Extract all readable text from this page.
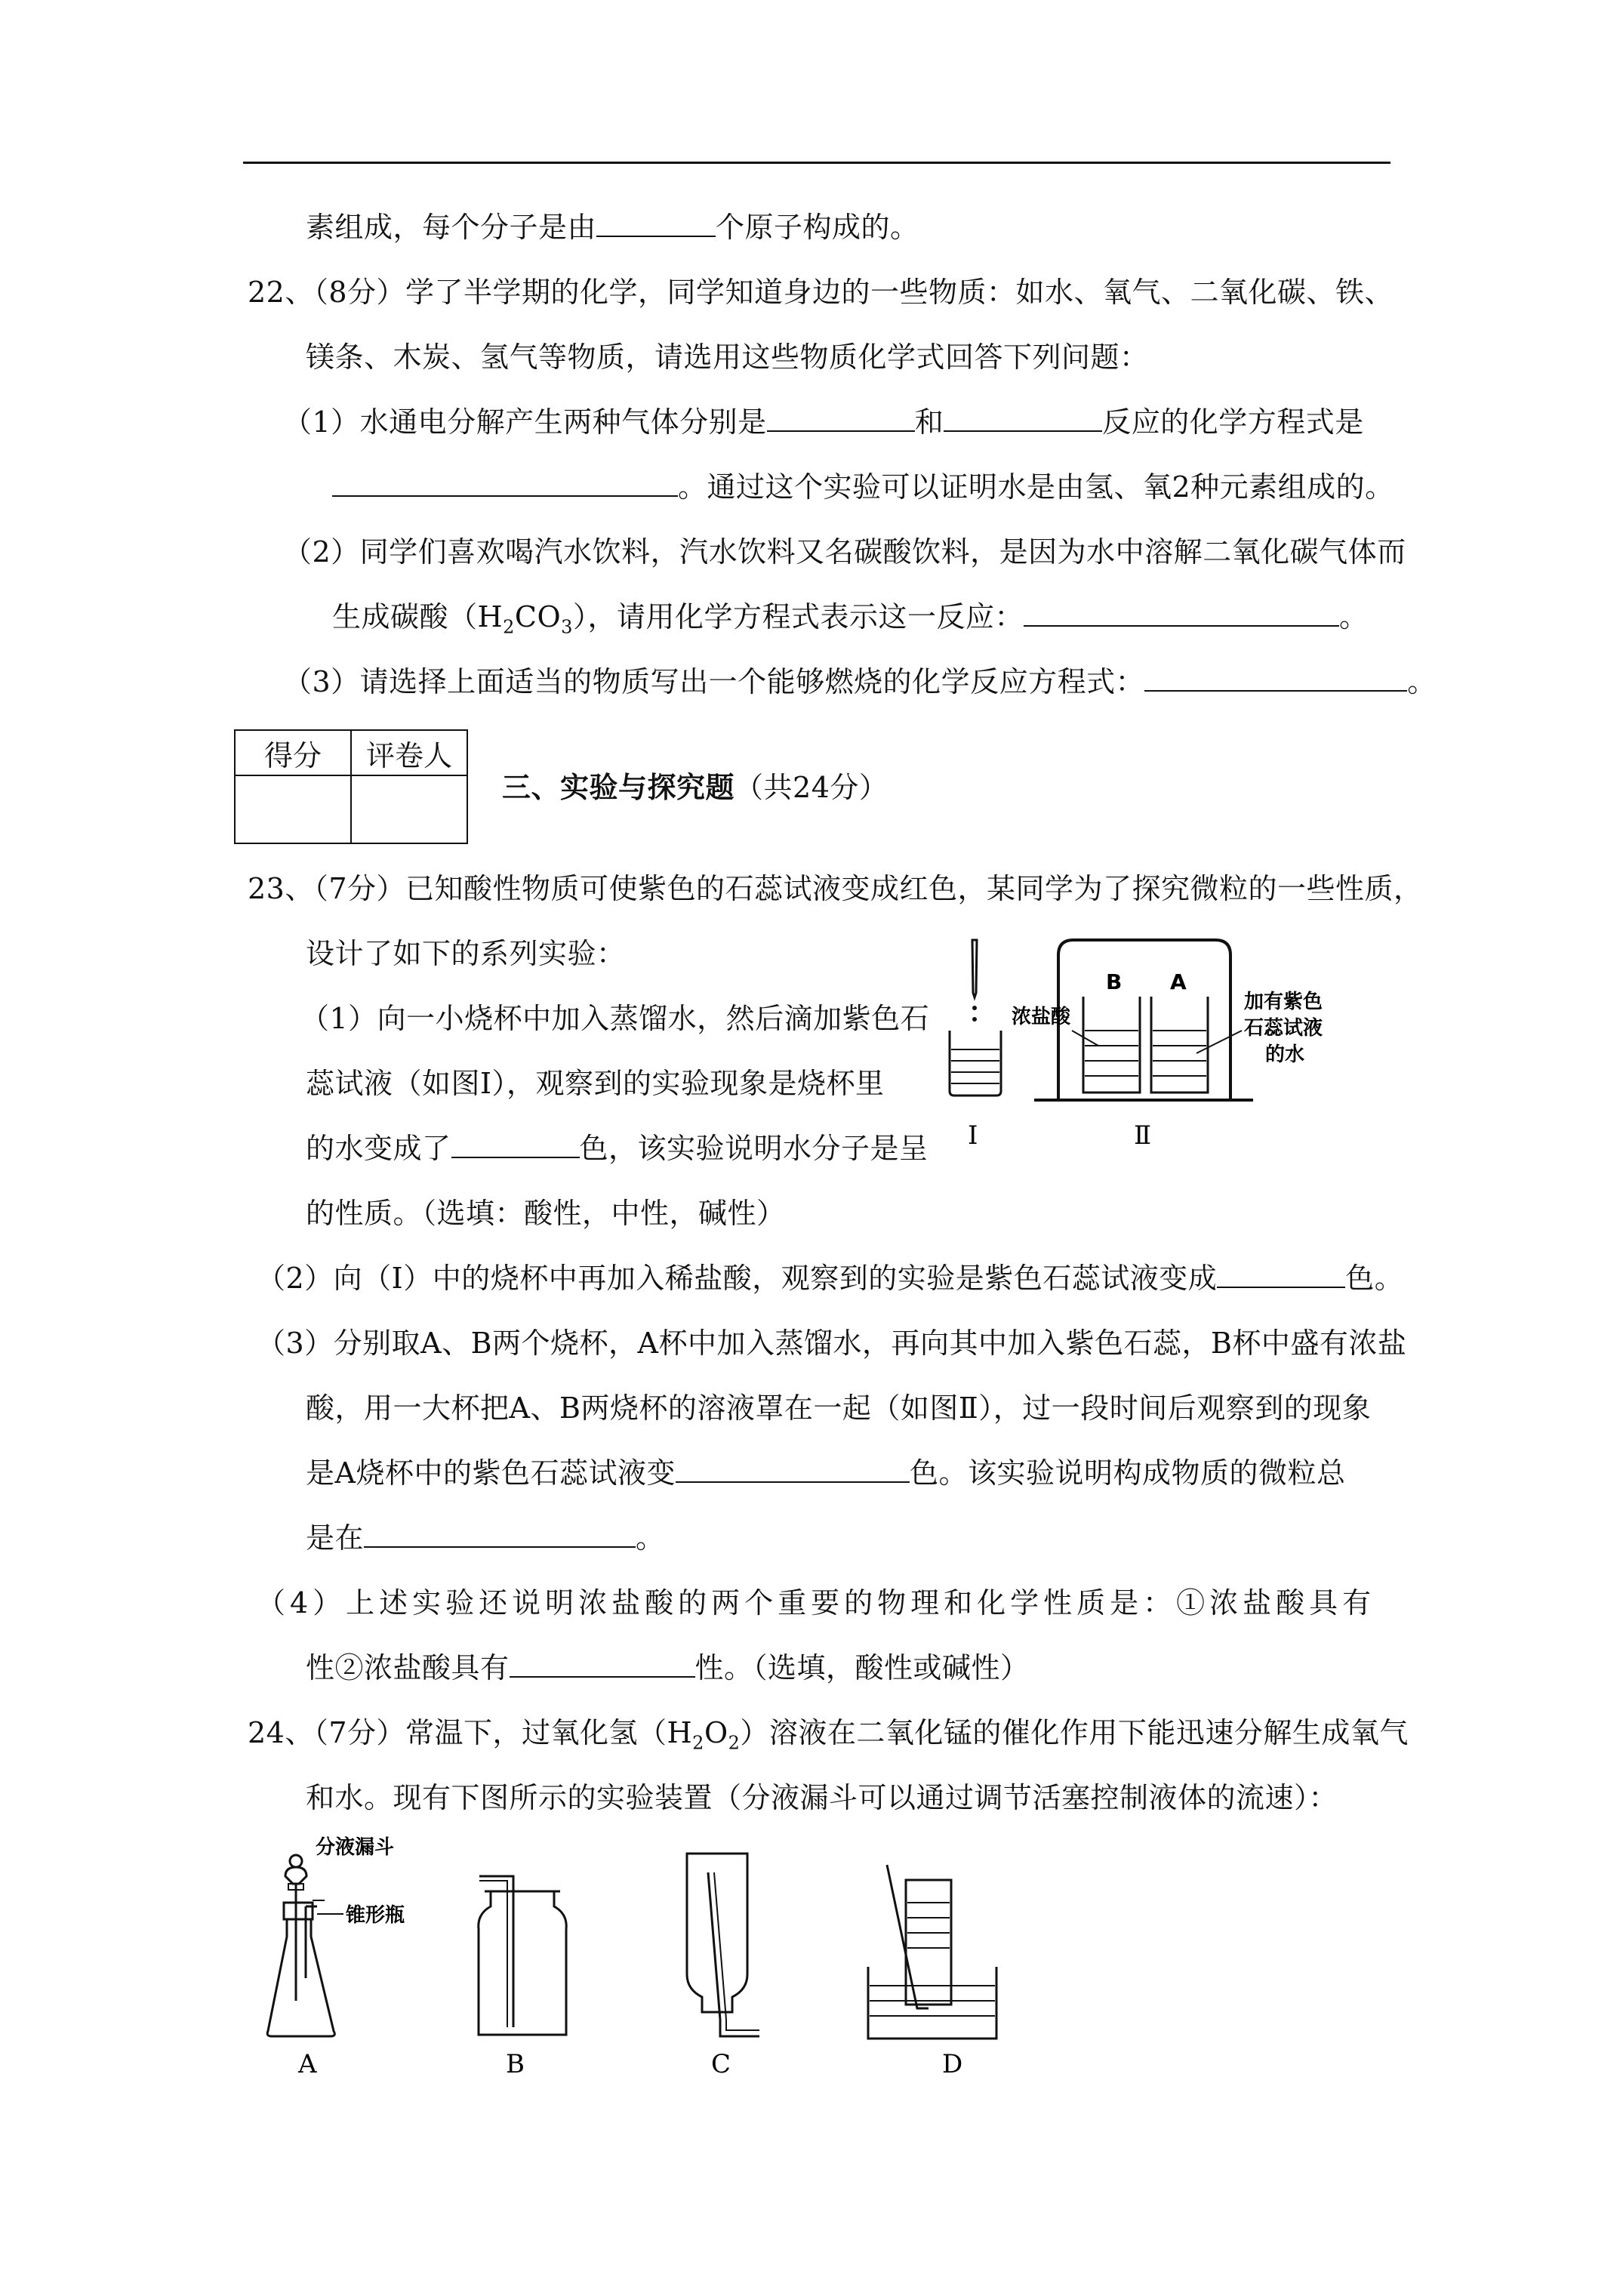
素组成，每个分子是由	个原子构成的。
22、（8分）学了半学期的化学，同学知道身边的一些物质：如水、氧气、二氧化碳、铁、
镁条、木炭、氢气等物质，请选用这些物质化学式回答下列问题：
（1）水通电分解产生两种气体分别是	和	反应的化学方程式是
。通过这个实验可以证明水是由氢、氧2种元素组成的。
（2）同学们喜欢喝汽水饮料，汽水饮料又名碳酸饮料，是因为水中溶解二氧化碳气体而
生成碳酸$(H_2CO_3)$，请用化学方程式表示这一反应：	。
（3）请选择上面适当的物质写出一个能够燃烧的化学反应方程式：	。
得分	评卷人

三、实验与探究题（共24分）
23、（7分）已知酸性物质可使紫色的石蕊试液变成红色，某同学为了探究微粒的一些性质，
设计了如下的系列实验：
（1）向一小烧杯中加入蒸馏水，然后滴加紫色石
蕊试液（如图Ⅰ），观察到的实验现象是烧杯里
的水变成了	色，该实验说明水分子是呈
的性质。（选填：酸性，中性，碱性）
Ⅰ
B A
浓盐酸
加有紫色
石蕊试液
的水
Ⅱ
（2）向（Ⅰ）中的烧杯中再加入稀盐酸，观察到的实验是紫色石蕊试液变成	色。
（3）分别取A、B两个烧杯，A杯中加入蒸馏水，再向其中加入紫色石蕊，B杯中盛有浓盐
酸，用一大杯把A、B两烧杯的溶液罩在一起（如图Ⅱ），过一段时间后观察到的现象
是A烧杯中的紫色石蕊试液变	色。该实验说明构成物质的微粒总
是在	。
（4）上述实验还说明浓盐酸的两个重要的物理和化学性质是：①浓盐酸具有
性②浓盐酸具有	性。（选填，酸性或碱性）
24、（7分）常温下，过氧化氢$(H_2O_2)$溶液在二氧化锰的催化作用下能迅速分解生成氧气
和水。现有下图所示的实验装置（分液漏斗可以通过调节活塞控制液体的流速）：
分液漏斗
锥形瓶
A	B	C	D
